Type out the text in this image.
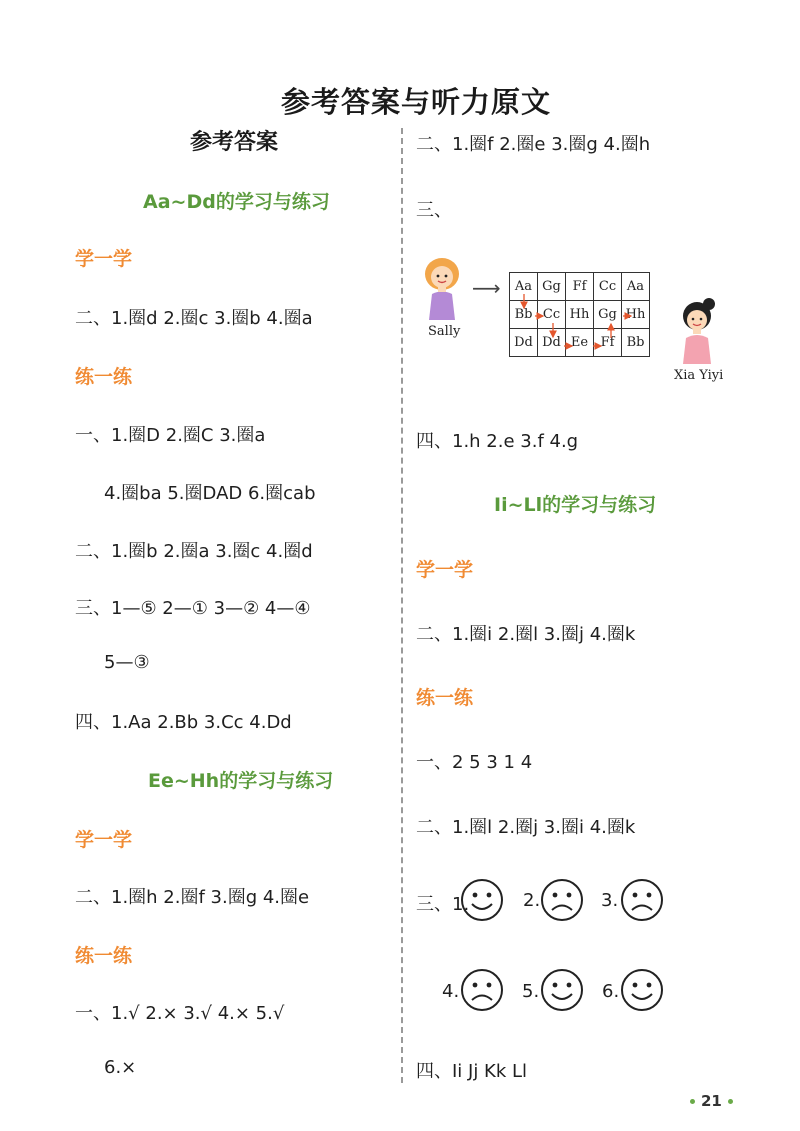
参考答案与听力原文
参考答案
Aa~Dd的学习与练习
学一学
二、1.圈d 2.圈c 3.圈b 4.圈a
练一练
一、1.圈D 2.圈C 3.圈a
4.圈ba 5.圈DAD 6.圈cab
二、1.圈b 2.圈a 3.圈c 4.圈d
三、1—⑤ 2—① 3—② 4—④
5—③
四、1.Aa 2.Bb 3.Cc 4.Dd
Ee~Hh的学习与练习
学一学
二、1.圈h 2.圈f 3.圈g 4.圈e
练一练
一、1.√ 2.× 3.√ 4.× 5.√
6.×
二、1.圈f 2.圈e 3.圈g 4.圈h
三、
Sally
⟶ Aa	Gg	Ff	Cc	Aa
Bb	Cc	Hh	Gg	Hh
Dd	Dd	Ee	Ff	Bb
Xia Yiyi
四、1.h 2.e 3.f 4.g
Ii~Ll的学习与练习
学一学
二、1.圈i 2.圈l 3.圈j 4.圈k
练一练
一、2 5 3 1 4
二、1.圈l 2.圈j 3.圈i 4.圈k
三、1.	2.	3.
4.	5.	6.
四、Ii Jj Kk Ll
21
